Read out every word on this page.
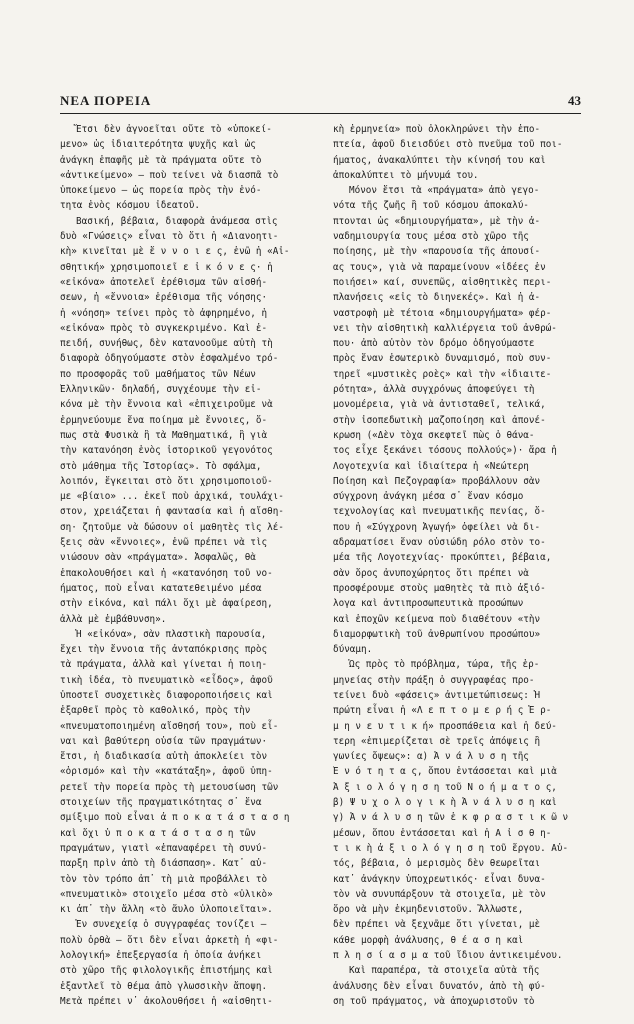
ΝΕΑ ΠΟΡΕΙΑ	43
Ἔτσι δὲν ἀγνοεῖται οὔτε τὸ «ὑποκεί-
μενο» ὡς ἰδιαιτερότητα ψυχῆς καὶ ὡς
ἀνάγκη ἐπαφῆς μὲ τὰ πράγματα οὔτε τὸ
«ἀντικείμενο» — ποὺ τείνει νὰ διασπᾶ τὸ
ὑποκείμενο — ὡς πορεία πρὸς τὴν ἑνό-
τητα ἑνὸς κόσμου ἰδεατοῦ.
Βασική, βέβαια, διαφορὰ ἀνάμεσα στὶς
δυὸ «Γνώσεις» εἶναι τὸ ὅτι ἡ «Διανοητι-
κὴ» κινεῖται μὲ ἔ ν ν ο ι ε ς, ἐνῶ ἡ «Αἰ-
σθητική» χρησιμοποιεῖ ε ἰ κ ό ν ε ς· ἡ
«εἰκόνα» ἀποτελεῖ ἐρέθισμα τῶν αἰσθή-
σεων, ἡ «ἔννοια» ἐρέθισμα τῆς νόησης·
ἡ «νόηση» τείνει πρὸς τὸ ἀφηρημένο, ἡ
«εἰκόνα» πρὸς τὸ συγκεκριμένο. Καὶ ἐ-
πειδή, συνήθως, δὲν κατανοοῦμε αὐτὴ τὴ
διαφορὰ ὁδηγούμαστε στὸν ἐσφαλμένο τρό-
πο προσφορᾶς τοῦ μαθήματος τῶν Νέων
Ἑλληνικῶν· δηλαδή, συγχέουμε τὴν εἰ-
κόνα μὲ τὴν ἔννοια καὶ «ἐπιχειροῦμε νὰ
ἑρμηνεύουμε ἕνα ποίημα μὲ ἔννοιες, ὅ-
πως στὰ Φυσικὰ ἢ τὰ Μαθηματικά, ἢ γιὰ
τὴν κατανόηση ἑνὸς ἱστορικοῦ γεγονότος
στὸ μάθημα τῆς Ἱστορίας». Τὸ σφάλμα,
λοιπόν, ἔγκειται στὸ ὅτι χρησιμοποιοῦ-
με «βίαιο» ... ἐκεῖ ποὺ ἀρχικά, τουλάχι-
στον, χρειάζεται ἡ φαντασία καὶ ἡ αἴσθη-
ση· ζητοῦμε νὰ δώσουν οἱ μαθητὲς τὶς λέ-
ξεις σὰν «ἔννοιες», ἐνῶ πρέπει νὰ τὶς
νιώσουν σὰν «πράγματα». Ἀσφαλῶς, θὰ
ἐπακολουθήσει καὶ ἡ «κατανόηση τοῦ νο-
ήματος, ποὺ εἶναι κατατεθειμένο μέσα
στὴν εἰκόνα, καὶ πάλι ὅχι μὲ ἀφαίρεση,
ἀλλὰ μὲ ἐμβάθυνση».
Ἡ «εἰκόνα», σὰν πλαστικὴ παρουσία,
ἔχει τὴν ἔννοια τῆς ἀνταπόκρισης πρὸς
τὰ πράγματα, ἀλλὰ καὶ γίνεται ἡ ποιη-
τικὴ ἰδέα, τὸ πνευματικὸ «εἶδος», ἀφοῦ
ὑποστεῖ συσχετικὲς διαφοροποιήσεις καὶ
ἐξαρθεῖ πρὸς τὸ καθολικό, πρὸς τὴν
«πνευματοποιημένη αἴσθησή του», ποὺ εἶ-
ναι καὶ βαθύτερη οὐσία τῶν πραγμάτων·
ἔτσι, ἡ διαδικασία αὐτὴ ἀποκλείει τὸν
«ὁρισμό» καὶ τὴν «κατάταξη», ἀφοῦ ὑπη-
ρετεῖ τὴν πορεία πρὸς τὴ μετουσίωση τῶν
στοιχείων τῆς πραγματικότητας σ᾽ ἕνα
σμίξιμο ποὺ εἶναι ἀ π ο κ α τ ά σ τ α σ η
καὶ ὄχι ὑ π ο κ α τ ά σ τ α σ η τῶν
πραγμάτων, γιατὶ «ἐπαναφέρει τὴ συνύ-
παρξη πρὶν ἀπὸ τὴ διάσπαση». Κατ᾽ αὐ-
τὸν τὸν τρόπο ἀπ᾽ τὴ μιὰ προβάλλει τὸ
«πνευματικὸ» στοιχεῖο μέσα στὸ «ὑλικὸ»
κι ἀπ᾽ τὴν ἄλλη «τὸ ἄυλο ὑλοποιεῖται».
Ἐν συνεχείᾳ ὁ συγγραφέας τονίζει —
πολὺ ὀρθὰ — ὅτι δὲν εἶναι ἀρκετὴ ἡ «φι-
λολογική» ἐπεξεργασία ἡ ὁποία ἀνήκει
στὸ χῶρο τῆς φιλολογικῆς ἐπιστήμης καὶ
ἐξαντλεῖ τὸ θέμα ἀπὸ γλωσσικὴν ἄποψη.
Μετὰ πρέπει ν᾽ ἀκολουθήσει ἡ «αἰσθητι-
κὴ ἑρμηνεία» ποὺ ὁλοκληρώνει τὴν ἐπο-
πτεία, ἀφοῦ διεισδύει στὸ πνεῦμα τοῦ ποι-
ήματος, ἀνακαλύπτει τὴν κίνησή του καὶ
ἀποκαλύπτει τὸ μήνυμά του.
Μόνον ἔτσι τὰ «πράγματα» ἀπὸ γεγο-
νότα τῆς ζωῆς ἢ τοῦ κόσμου ἀποκαλύ-
πτονται ὡς «δημιουργήματα», μὲ τὴν ἀ-
ναδημιουργία τους μέσα στὸ χῶρο τῆς
ποίησης, μὲ τὴν «παρουσία τῆς ἀπουσί-
ας τους», γιὰ νὰ παραμείνουν «ἰδέες ἐν
ποιήσει» καί, συνεπῶς, αἰσθητικὲς περι-
πλανήσεις «εἰς τὸ διηνεκές». Καὶ ἡ ἀ-
ναστροφὴ μὲ τέτοια «δημιουργήματα» φέρ-
νει τὴν αἰσθητικὴ καλλιέργεια τοῦ ἀνθρώ-
που· ἀπὸ αὐτὸν τὸν δρόμο ὁδηγούμαστε
πρὸς ἕναν ἐσωτερικὸ δυναμισμό, ποὺ συν-
τηρεῖ «μυστικὲς ροὲς» καὶ τὴν «ἰδιαιτε-
ρότητα», ἀλλὰ συγχρόνως ἀποφεύγει τὴ
μονομέρεια, γιὰ νὰ ἀντισταθεῖ, τελικά,
στὴν ἰσοπεδωτικὴ μαζοποίηση καὶ ἀπονέ-
κρωση («Δὲν τὸχα σκεφτεῖ πὼς ὁ θάνα-
τος εἶχε ξεκάνει τόσους πολλούς»)· ἄρα ἡ
Λογοτεχνία καὶ ἰδιαίτερα ἡ «Νεώτερη
Ποίηση καὶ Πεζογραφία» προβάλλουν σὰν
σύγχρονη ἀνάγκη μέσα σ᾽ ἕναν κόσμο
τεχνολογίας καὶ πνευματικῆς πενίας, ὅ-
που ἡ «Σύγχρονη Ἀγωγή» ὀφείλει νὰ δι-
αδραματίσει ἕναν οὐσιώδη ρόλο στὸν το-
μέα τῆς Λογοτεχνίας· προκύπτει, βέβαια,
σὰν ὅρος ἀνυποχώρητος ὅτι πρέπει νὰ
προσφέρουμε στοὺς μαθητὲς τὰ πιὸ ἀξιό-
λογα καὶ ἀντιπροσωπευτικὰ προσώπων
καὶ ἐποχῶν κείμενα ποὺ διαθέτουν «τὴν
διαμορφωτικὴ τοῦ ἀνθρωπίνου προσώπου»
δύναμη.
Ὡς πρὸς τὸ πρόβλημα, τώρα, τῆς ἑρ-
μηνείας στὴν πράξη ὁ συγγραφέας προ-
τείνει δυὸ «φάσεις» ἀντιμετώπισεως: Ἡ
πρώτη εἶναι ἡ «Λ ε π τ ο μ ε ρ ή ς Ἑ ρ-
μ η ν ε υ τ ι κ ή» προσπάθεια καὶ ἡ δεύ-
τερη «ἐπιμερίζεται σὲ τρεῖς ἀπόψεις ἢ
γωνίες ὄψεως»: α) Ἀ ν ά λ υ σ η τῆς
Ἑ ν ό τ η τ α ς, ὅπου ἐντάσσεται καὶ μιὰ
Ἀ ξ ι ο λ ό γ η σ η τοῦ Ν ο ή μ α τ ο ς,
β) Ψ υ χ ο λ ο γ ι κ ὴ Ἀ ν ά λ υ σ η καὶ
γ) Ἀ ν ά λ υ σ η τῶν ἐ κ φ ρ α σ τ ι κ ῶ ν
μέσων, ὅπου ἐντάσσεται καὶ ἡ Α ἰ σ θ η-
τ ι κ ὴ ἀ ξ ι ο λ ό γ η σ η τοῦ ἔργου. Αὐ-
τός, βέβαια, ὁ μερισμὸς δὲν θεωρεῖται
κατ᾽ ἀνάγκην ὑποχρεωτικός· εἶναι δυνα-
τὸν νὰ συνυπάρξουν τὰ στοιχεῖα, μὲ τὸν
ὅρο νὰ μὴν ἐκμηδενιστοῦν. Ἄλλωστε,
δὲν πρέπει νὰ ξεχνᾶμε ὅτι γίνεται, μὲ
κάθε μορφὴ ἀνάλυσης, θ έ α σ η καὶ
π λ η σ ί α σ μ α τοῦ ἴδιου ἀντικειμένου.
Καὶ παραπέρα, τὰ στοιχεῖα αὐτὰ τῆς
ἀνάλυσης δὲν εἶναι δυνατόν, ἀπὸ τὴ φύ-
ση τοῦ πράγματος, νὰ ἀποχωριστοῦν τὸ
